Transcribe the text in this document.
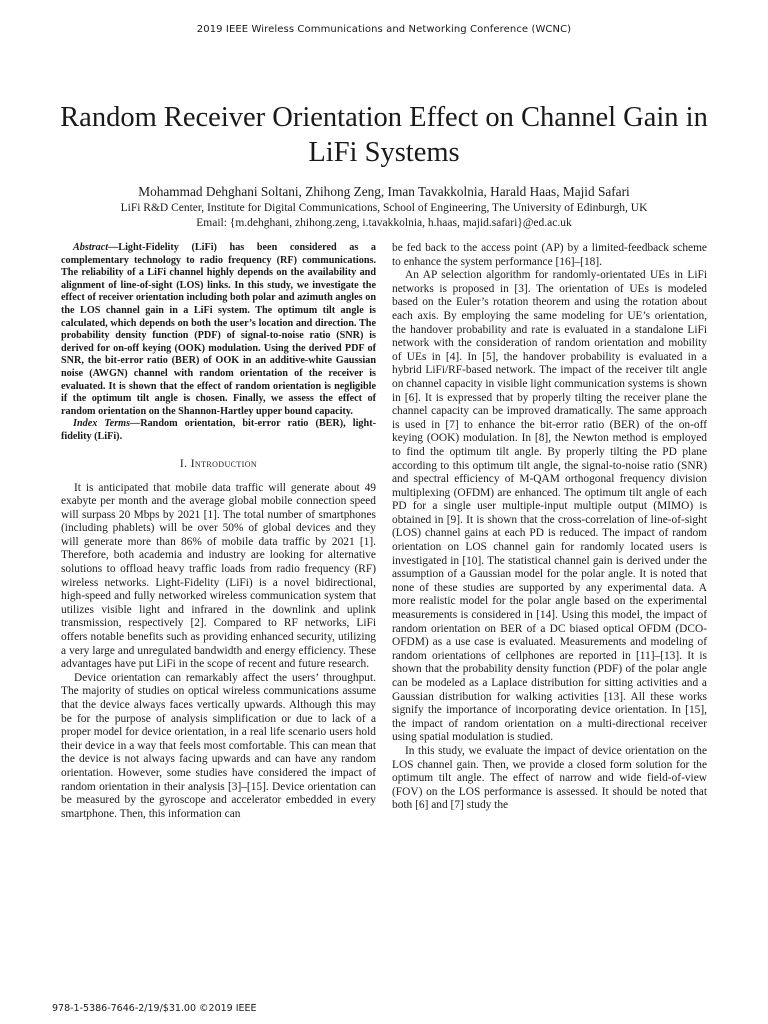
2019 IEEE Wireless Communications and Networking Conference (WCNC)
Random Receiver Orientation Effect on Channel Gain in LiFi Systems
Mohammad Dehghani Soltani, Zhihong Zeng, Iman Tavakkolnia, Harald Haas, Majid Safari
LiFi R&D Center, Institute for Digital Communications, School of Engineering, The University of Edinburgh, UK
Email: {m.dehghani, zhihong.zeng, i.tavakkolnia, h.haas, majid.safari}@ed.ac.uk

Abstract—Light-Fidelity (LiFi) has been considered as a complementary technology to radio frequency (RF) communications. The reliability of a LiFi channel highly depends on the availability and alignment of line-of-sight (LOS) links. In this study, we investigate the effect of receiver orientation including both polar and azimuth angles on the LOS channel gain in a LiFi system. The optimum tilt angle is calculated, which depends on both the user’s location and direction. The probability density function (PDF) of signal-to-noise ratio (SNR) is derived for on-off keying (OOK) modulation. Using the derived PDF of SNR, the bit-error ratio (BER) of OOK in an additive-white Gaussian noise (AWGN) channel with random orientation of the receiver is evaluated. It is shown that the effect of random orientation is negligible if the optimum tilt angle is chosen. Finally, we assess the effect of random orientation on the Shannon-Hartley upper bound capacity.

Index Terms—Random orientation, bit-error ratio (BER), light-fidelity (LiFi).

I. Introduction

It is anticipated that mobile data traffic will generate about 49 exabyte per month and the average global mobile connection speed will surpass 20 Mbps by 2021 [1]. The total number of smartphones (including phablets) will be over 50% of global devices and they will generate more than 86% of mobile data traffic by 2021 [1]. Therefore, both academia and industry are looking for alternative solutions to offload heavy traffic loads from radio frequency (RF) wireless networks. Light-Fidelity (LiFi) is a novel bidirectional, high-speed and fully networked wireless communication system that utilizes visible light and infrared in the downlink and uplink transmission, respectively [2]. Compared to RF networks, LiFi offers notable benefits such as providing enhanced security, utilizing a very large and unregulated bandwidth and energy efficiency. These advantages have put LiFi in the scope of recent and future research.

Device orientation can remarkably affect the users’ throughput. The majority of studies on optical wireless communications assume that the device always faces vertically upwards. Although this may be for the purpose of analysis simplification or due to lack of a proper model for device orientation, in a real life scenario users hold their device in a way that feels most comfortable. This can mean that the device is not always facing upwards and can have any random orientation. However, some studies have considered the impact of random orientation in their analysis [3]–[15]. Device orientation can be measured by the gyroscope and accelerator embedded in every smartphone. Then, this information can

be fed back to the access point (AP) by a limited-feedback scheme to enhance the system performance [16]–[18].

An AP selection algorithm for randomly-orientated UEs in LiFi networks is proposed in [3]. The orientation of UEs is modeled based on the Euler’s rotation theorem and using the rotation about each axis. By employing the same modeling for UE’s orientation, the handover probability and rate is evaluated in a standalone LiFi network with the consideration of random orientation and mobility of UEs in [4]. In [5], the handover probability is evaluated in a hybrid LiFi/RF-based network. The impact of the receiver tilt angle on channel capacity in visible light communication systems is shown in [6]. It is expressed that by properly tilting the receiver plane the channel capacity can be improved dramatically. The same approach is used in [7] to enhance the bit-error ratio (BER) of the on-off keying (OOK) modulation. In [8], the Newton method is employed to find the optimum tilt angle. By properly tilting the PD plane according to this optimum tilt angle, the signal-to-noise ratio (SNR) and spectral efficiency of M-QAM orthogonal frequency division multiplexing (OFDM) are enhanced. The optimum tilt angle of each PD for a single user multiple-input multiple output (MIMO) is obtained in [9]. It is shown that the cross-correlation of line-of-sight (LOS) channel gains at each PD is reduced. The impact of random orientation on LOS channel gain for randomly located users is investigated in [10]. The statistical channel gain is derived under the assumption of a Gaussian model for the polar angle. It is noted that none of these studies are supported by any experimental data. A more realistic model for the polar angle based on the experimental measurements is considered in [14]. Using this model, the impact of random orientation on BER of a DC biased optical OFDM (DCO-OFDM) as a use case is evaluated. Measurements and modeling of random orientations of cellphones are reported in [11]–[13]. It is shown that the probability density function (PDF) of the polar angle can be modeled as a Laplace distribution for sitting activities and a Gaussian distribution for walking activities [13]. All these works signify the importance of incorporating device orientation. In [15], the impact of random orientation on a multi-directional receiver using spatial modulation is studied.

In this study, we evaluate the impact of device orientation on the LOS channel gain. Then, we provide a closed form solution for the optimum tilt angle. The effect of narrow and wide field-of-view (FOV) on the LOS performance is assessed. It should be noted that both [6] and [7] study the

978-1-5386-7646-2/19/$31.00 ©2019 IEEE
